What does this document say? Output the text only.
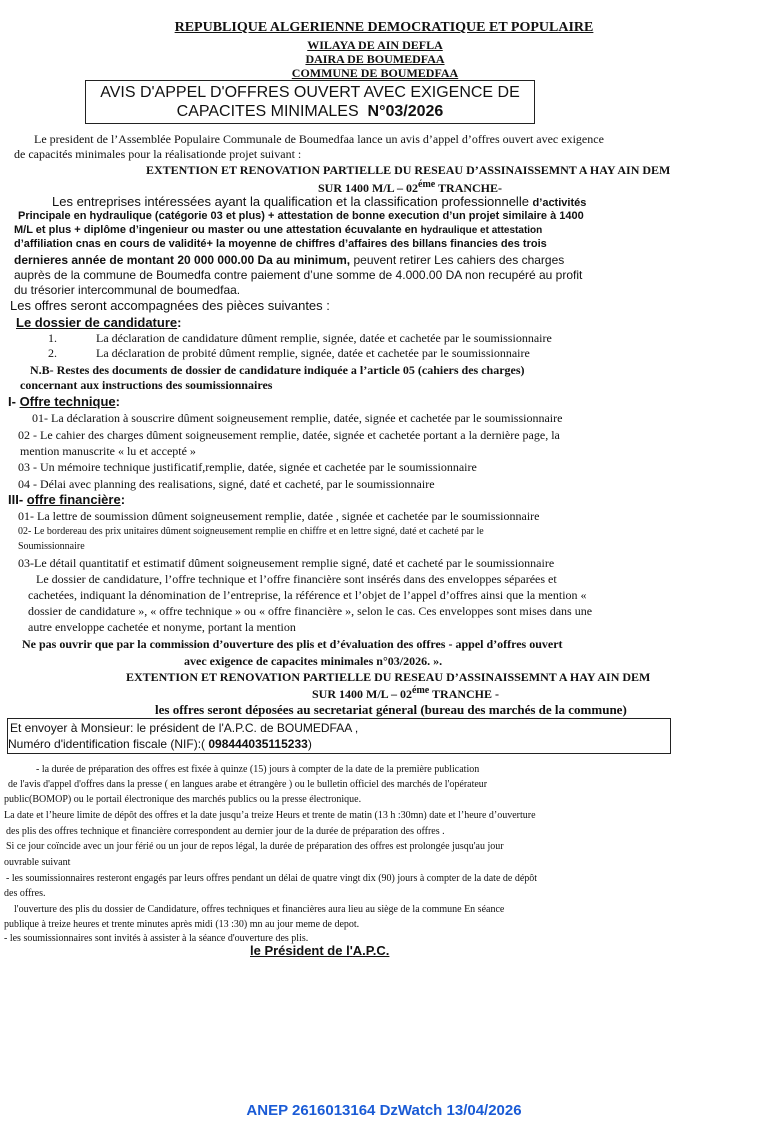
REPUBLIQUE ALGERIENNE DEMOCRATIQUE ET POPULAIRE
WILAYA DE AIN DEFLA
DAIRA DE BOUMEDFAA
COMMUNE DE BOUMEDFAA
AVIS D'APPEL D'OFFRES OUVERT AVEC EXIGENCE DE
CAPACITES MINIMALES N°03/2026
Le president de l’Assemblée Populaire Communale de Boumedfaa lance un avis d’appel d’offres ouvert avec exigence
de capacités minimales pour la réalisationde projet suivant :
EXTENTION ET RENOVATION PARTIELLE DU RESEAU D’ASSINAISSEMNT A HAY AIN DEM
SUR 1400 $M/L - 02^{éme}$ TRANCHE-
Les entreprises intéressées ayant la qualification et la classification professionnelle d’activités
Principale en hydraulique (catégorie 03 et plus) + attestation de bonne execution d’un projet similaire à 1400
M/L et plus + diplôme d’ingenieur ou master ou une attestation écuvalante en hydraulique et attestation
d’affiliation cnas en cours de validité+ la moyenne de chiffres d’affaires des billans financies des trois
dernieres année de montant 20 000 000.00 Da au minimum, peuvent retirer Les cahiers des charges
auprès de la commune de Boumedfa contre paiement d’une somme de 4.000.00 DA non recupéré au profit
du trésorier intercommunal de boumedfaa.
Les offres seront accompagnées des pièces suivantes :
Le dossier de candidature:
1.	La déclaration de candidature dûment remplie, signée, datée et cachetée par le soumissionnaire
2.	La déclaration de probité dûment remplie, signée, datée et cachetée par le soumissionnaire
N.B- Restes des documents de dossier de candidature indiquée a l’article 05 (cahiers des charges)
concernant aux instructions des soumissionnaires
I- Offre technique:
01- La déclaration à souscrire dûment soigneusement remplie, datée, signée et cachetée par le soumissionnaire
02 - Le cahier des charges dûment soigneusement remplie, datée, signée et cachetée portant a la dernière page, la
mention manuscrite « lu et accepté »
03 - Un mémoire technique justificatif,remplie, datée, signée et cachetée par le soumissionnaire
04 - Délai avec planning des realisations, signé, daté et cacheté, par le soumissionnaire
III- offre financière:
01- La lettre de soumission dûment soigneusement remplie, datée , signée et cachetée par le soumissionnaire
02- Le bordereau des prix unitaires dûment soigneusement remplie en chiffre et en lettre signé, daté et cacheté par le
Soumissionnaire
03-Le détail quantitatif et estimatif dûment soigneusement remplie signé, daté et cacheté par le soumissionnaire
Le dossier de candidature, l’offre technique et l’offre financière sont insérés dans des enveloppes séparées et
cachetées, indiquant la dénomination de l’entreprise, la référence et l’objet de l’appel d’offres ainsi que la mention «
dossier de candidature », « offre technique » ou « offre financière », selon le cas. Ces enveloppes sont mises dans une
autre enveloppe cachetée et nonyme, portant la mention
Ne pas ouvrir que par la commission d’ouverture des plis et d’évaluation des offres - appel d’offres ouvert
avec exigence de capacites minimales n°03/2026. ».
EXTENTION ET RENOVATION PARTIELLE DU RESEAU D’ASSINAISSEMNT A HAY AIN DEM
SUR 1400 $M/L - 02^{éme}$ TRANCHE -
les offres seront déposées au secretariat géneral (bureau des marchés de la commune)
Et envoyer à Monsieur: le président de l'A.P.C. de BOUMEDFAA ,
Numéro d'identification fiscale (NIF):( 098444035115233)
- la durée de préparation des offres est fixée à quinze (15) jours à compter de la date de la première publication
de l'avis d'appel d'offres dans la presse ( en langues arabe et étrangère ) ou le bulletin officiel des marchés de l'opérateur
public(BOMOP) ou le portail électronique des marchés publics ou la presse électronique.
La date et l’heure limite de dépôt des offres et la date jusqu’a treize Heurs et trente de matin (13 h :30mn) date et l’heure d’ouverture
des plis des offres technique et financière correspondent au dernier jour de la durée de préparation des offres .
Si ce jour coïncide avec un jour férié ou un jour de repos légal, la durée de préparation des offres est prolongée jusqu'au jour
ouvrable suivant
- les soumissionnaires resteront engagés par leurs offres pendant un délai de quatre vingt dix (90) jours à compter de la date de dépôt
des offres.
l'ouverture des plis du dossier de Candidature, offres techniques et financières aura lieu au siège de la commune En séance
publique à treize heures et trente minutes après midi (13 :30) mn au jour meme de depot.
- les soumissionnaires sont invités à assister à la séance d'ouverture des plis.
le Président de l'A.P.C.
ANEP 2616013164 DzWatch 13/04/2026
